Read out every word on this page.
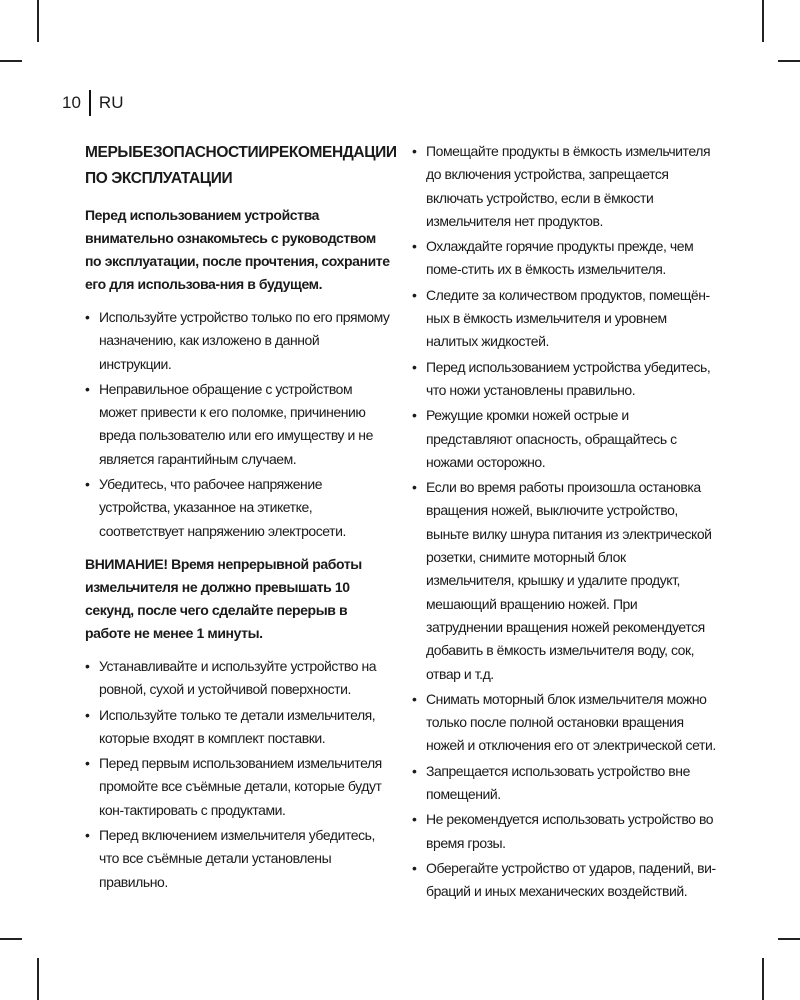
10	RU
МЕРЫБЕЗОПАСНОСТИИРЕКОМЕНДАЦИИ ПО ЭКСПЛУАТАЦИИ
Перед использованием устройства внимательно ознакомьтесь с руководством по эксплуатации, после прочтения, сохраните его для использова-ния в будущем.
• Используйте устройство только по его прямому назначению, как изложено в данной инструкции.
• Неправильное обращение с устройством может привести к его поломке, причинению вреда пользователю или его имуществу и не является гарантийным случаем.
• Убедитесь, что рабочее напряжение устройства, указанное на этикетке, соответствует напряжению электросети.
ВНИМАНИЕ! Время непрерывной работы измельчителя не должно превышать 10 секунд, после чего сделайте перерыв в работе не менее 1 минуты.
• Устанавливайте и используйте устройство на ровной, сухой и устойчивой поверхности.
• Используйте только те детали измельчителя, которые входят в комплект поставки.
• Перед первым использованием измельчителя промойте все съёмные детали, которые будут кон-тактировать с продуктами.
• Перед включением измельчителя убедитесь, что все съёмные детали установлены правильно.
• Помещайте продукты в ёмкость измельчителя до включения устройства, запрещается включать устройство, если в ёмкости измельчителя нет продуктов.
• Охлаждайте горячие продукты прежде, чем поме-стить их в ёмкость измельчителя.
• Следите за количеством продуктов, помещён-ных в ёмкость измельчителя и уровнем налитых жидкостей.
• Перед использованием устройства убедитесь, что ножи установлены правильно.
• Режущие кромки ножей острые и представляют опасность, обращайтесь с ножами осторожно.
• Если во время работы произошла остановка вращения ножей, выключите устройство, выньте вилку шнура питания из электрической розетки, снимите моторный блок измельчителя, крышку и удалите продукт, мешающий вращению ножей. При затруднении вращения ножей рекомендуется добавить в ёмкость измельчителя воду, сок, отвар и т.д.
• Снимать моторный блок измельчителя можно только после полной остановки вращения ножей и отключения его от электрической сети.
• Запрещается использовать устройство вне помещений.
• Не рекомендуется использовать устройство во время грозы.
• Оберегайте устройство от ударов, падений, ви-браций и иных механических воздействий.
